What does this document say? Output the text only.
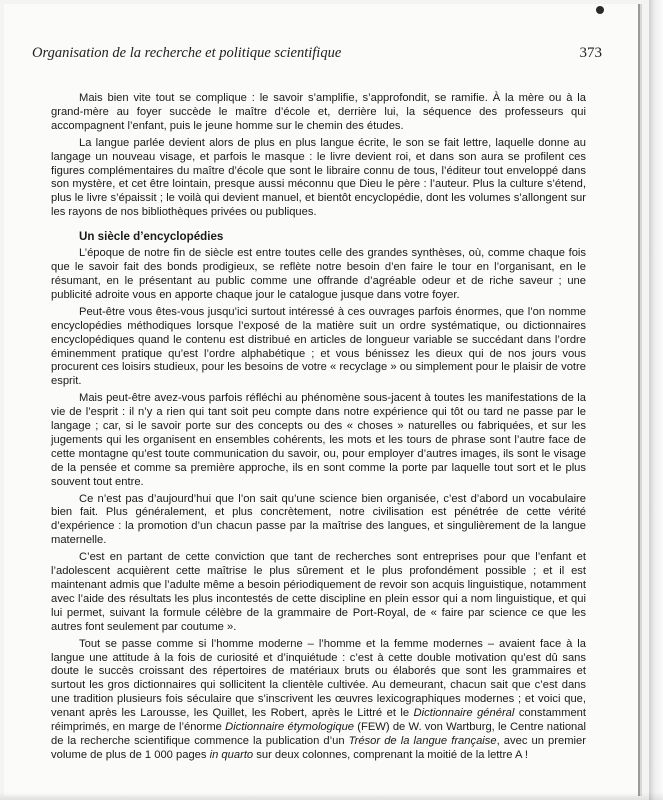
Organisation de la recherche et politique scientifique	373

Mais bien vite tout se complique : le savoir s’amplifie, s’approfondit, se ramifie. À la mère ou à la grand-mère au foyer succède le maître d’école et, derrière lui, la séquence des professeurs qui accompagnent l’enfant, puis le jeune homme sur le chemin des études.

La langue parlée devient alors de plus en plus langue écrite, le son se fait lettre, laquelle donne au langage un nouveau visage, et parfois le masque : le livre devient roi, et dans son aura se profilent ces figures complémentaires du maître d’école que sont le libraire connu de tous, l’éditeur tout enveloppé dans son mystère, et cet être lointain, presque aussi méconnu que Dieu le père : l’auteur. Plus la culture s’étend, plus le livre s’épaissit ; le voilà qui devient manuel, et bientôt encyclopédie, dont les volumes s’allongent sur les rayons de nos bibliothèques privées ou publiques.

Un siècle d’encyclopédies

L’époque de notre fin de siècle est entre toutes celle des grandes synthèses, où, comme chaque fois que le savoir fait des bonds prodigieux, se reflète notre besoin d’en faire le tour en l’organisant, en le résumant, en le présentant au public comme une offrande d’agréable odeur et de riche saveur ; une publicité adroite vous en apporte chaque jour le catalogue jusque dans votre foyer.

Peut-être vous êtes-vous jusqu’ici surtout intéressé à ces ouvrages parfois énormes, que l’on nomme encyclopédies méthodiques lorsque l’exposé de la matière suit un ordre systématique, ou dictionnaires encyclopédiques quand le contenu est distribué en articles de longueur variable se succédant dans l’ordre éminemment pratique qu’est l’ordre alphabétique ; et vous bénissez les dieux qui de nos jours vous procurent ces loisirs studieux, pour les besoins de votre « recyclage » ou simplement pour le plaisir de votre esprit.

Mais peut-être avez-vous parfois réfléchi au phénomène sous-jacent à toutes les manifestations de la vie de l’esprit : il n’y a rien qui tant soit peu compte dans notre expérience qui tôt ou tard ne passe par le langage ; car, si le savoir porte sur des concepts ou des « choses » naturelles ou fabriquées, et sur les jugements qui les organisent en ensembles cohérents, les mots et les tours de phrase sont l’autre face de cette montagne qu’est toute communication du savoir, ou, pour employer d’autres images, ils sont le visage de la pensée et comme sa première approche, ils en sont comme la porte par laquelle tout sort et le plus souvent tout entre.

Ce n’est pas d’aujourd’hui que l’on sait qu’une science bien organisée, c’est d’abord un vocabulaire bien fait. Plus généralement, et plus concrètement, notre civilisation est pénétrée de cette vérité d’expérience : la promotion d’un chacun passe par la maîtrise des langues, et singulièrement de la langue maternelle.

C’est en partant de cette conviction que tant de recherches sont entreprises pour que l’enfant et l’adolescent acquièrent cette maîtrise le plus sûrement et le plus profondément possible ; et il est maintenant admis que l’adulte même a besoin périodiquement de revoir son acquis linguistique, notamment avec l’aide des résultats les plus incontestés de cette discipline en plein essor qui a nom linguistique, et qui lui permet, suivant la formule célèbre de la grammaire de Port-Royal, de « faire par science ce que les autres font seulement par coutume ».

Tout se passe comme si l’homme moderne – l’homme et la femme modernes – avaient face à la langue une attitude à la fois de curiosité et d’inquiétude : c’est à cette double motivation qu’est dû sans doute le succès croissant des répertoires de matériaux bruts ou élaborés que sont les grammaires et surtout les gros dictionnaires qui sollicitent la clientèle cultivée. Au demeurant, chacun sait que c’est dans une tradition plusieurs fois séculaire que s’inscrivent les œuvres lexicographiques modernes ; et voici que, venant après les Larousse, les Quillet, les Robert, après le Littré et le Dictionnaire général constamment réimprimés, en marge de l’énorme Dictionnaire étymologique (FEW) de W. von Wartburg, le Centre national de la recherche scientifique commence la publication d’un Trésor de la langue française, avec un premier volume de plus de 1 000 pages in quarto sur deux colonnes, comprenant la moitié de la lettre A !
